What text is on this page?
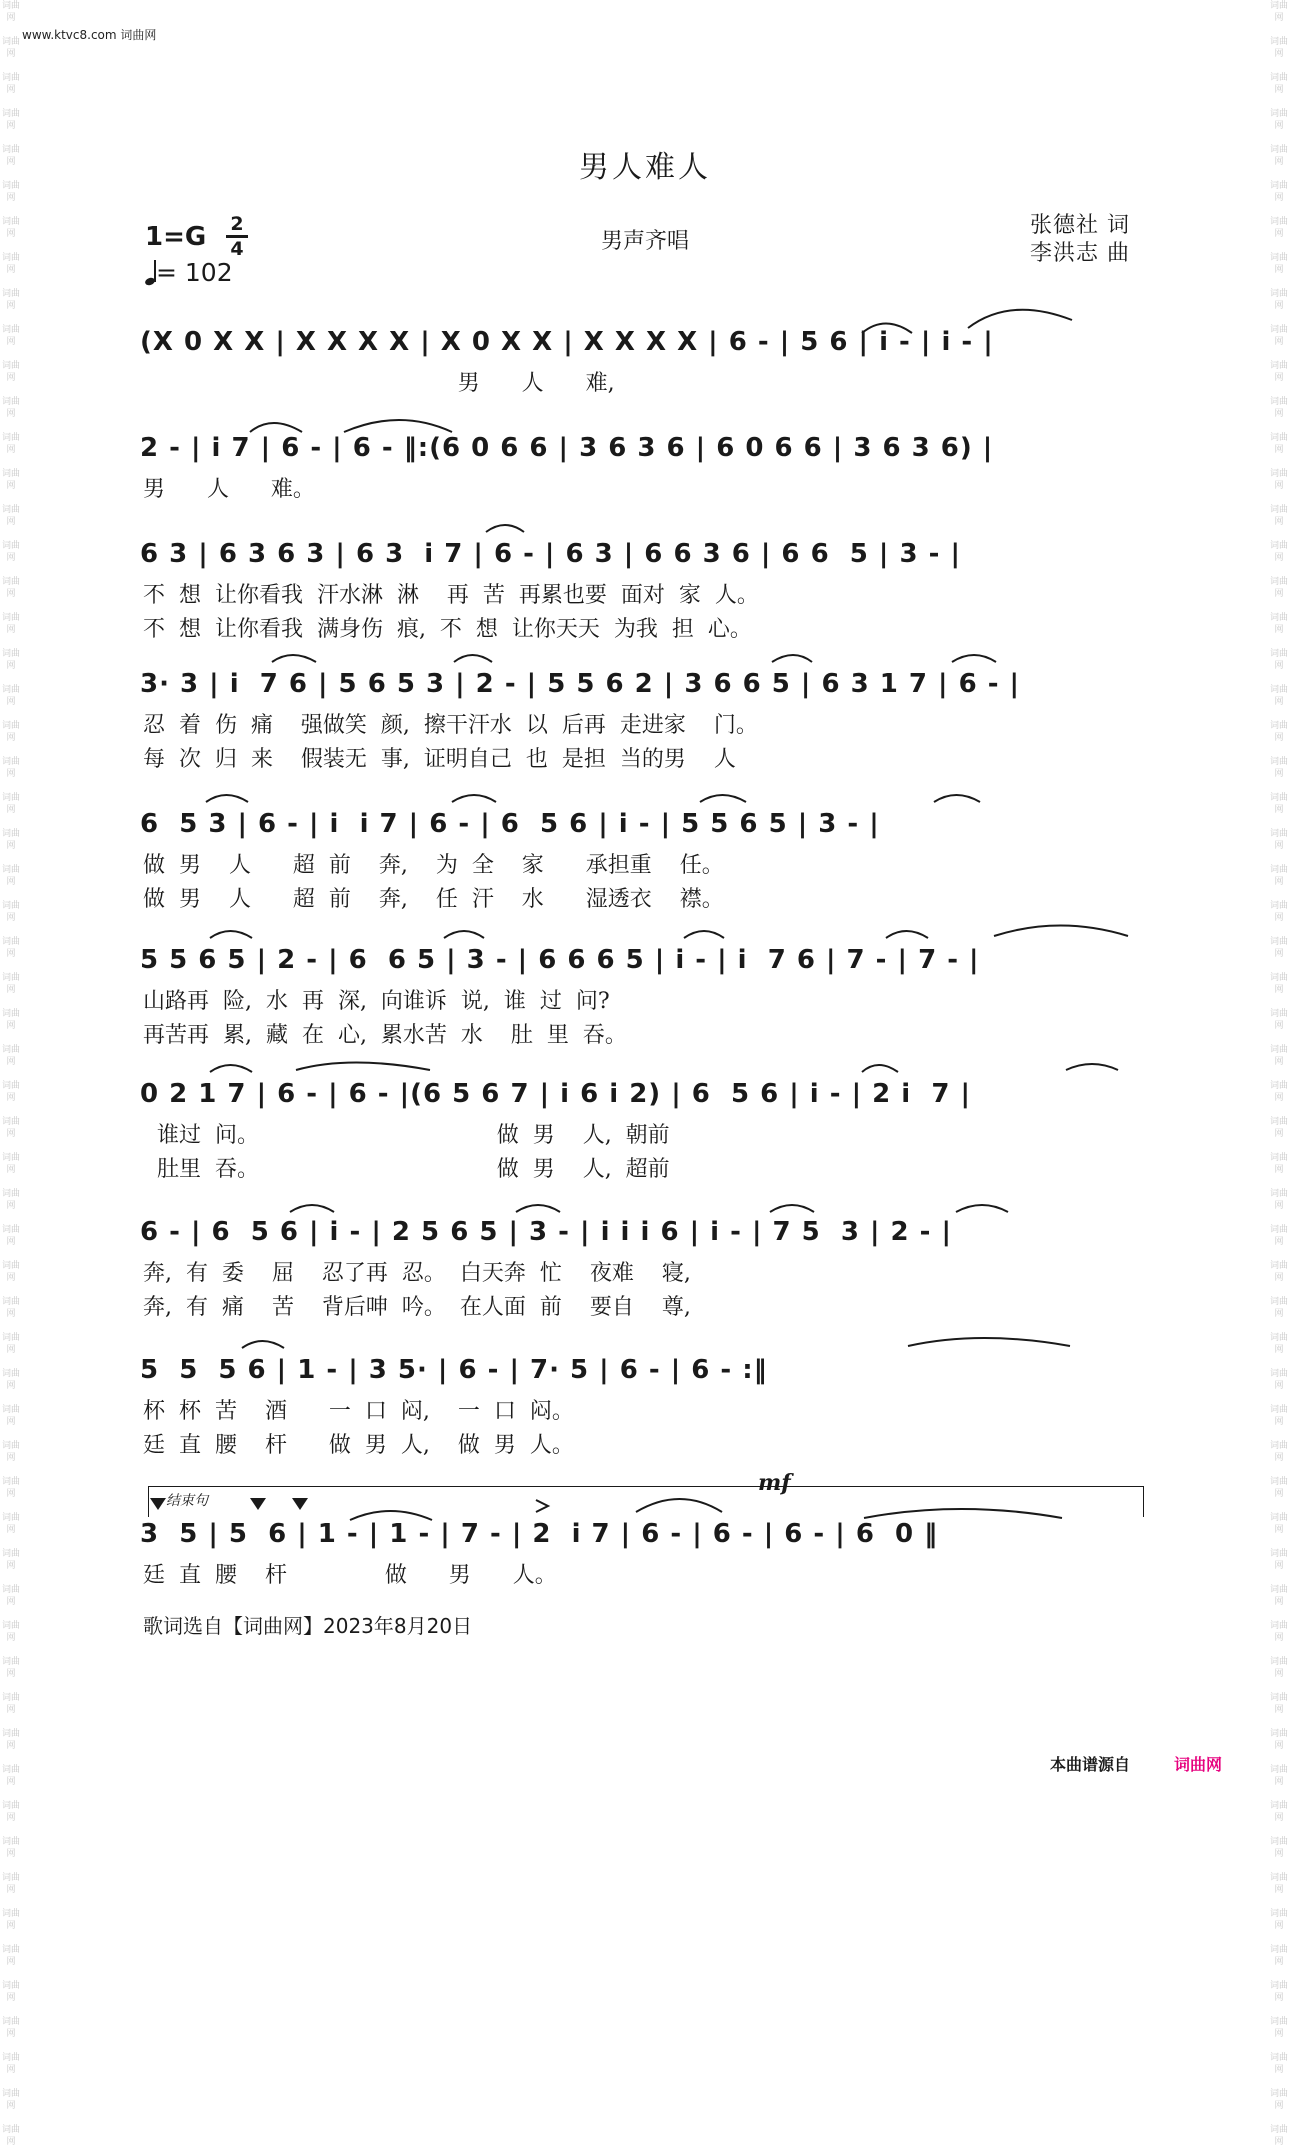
词曲网

词曲网

词曲网

词曲网

词曲网

词曲网

词曲网

词曲网

词曲网

词曲网

词曲网

词曲网

词曲网

词曲网

词曲网

词曲网

词曲网

词曲网

词曲网

词曲网

词曲网

词曲网

词曲网

词曲网

词曲网

词曲网

词曲网

词曲网

词曲网

词曲网

词曲网

词曲网

词曲网

词曲网

词曲网

词曲网

词曲网

词曲网

词曲网

词曲网

词曲网

词曲网

词曲网

词曲网

词曲网

词曲网

词曲网

词曲网

词曲网

词曲网

词曲网

词曲网

词曲网

词曲网

词曲网

词曲网

词曲网

词曲网

词曲网

词曲网

词曲网

词曲网

词曲网

词曲网

词曲网

词曲网

词曲网

词曲网

词曲网

词曲网

词曲网

词曲网

词曲网

词曲网

词曲网

词曲网

词曲网

词曲网

词曲网

词曲网

词曲网

词曲网

词曲网

词曲网

词曲网

词曲网

词曲网

词曲网

词曲网

词曲网

词曲网

词曲网

词曲网

词曲网

词曲网

词曲网

词曲网

词曲网

词曲网

词曲网

词曲网

词曲网

词曲网

词曲网

词曲网

词曲网

词曲网

词曲网

词曲网

词曲网

词曲网

词曲网

词曲网

词曲网

词曲网

词曲网

词曲网

词曲网

词曲网

词曲网

www.ktvc8.com 词曲网
男人难人
1=G 2
4
= 102
男声齐唱
张德社 词
李洪志 曲
(X 0 X X | X X X X | X 0 X X | X X X X | 6 - | 5 6 | i - | i - |
男      人      难,
2 - | i 7 | 6 - | 6 - ‖:(6 0 6 6 | 3 6 3 6 | 6 0 6 6 | 3 6 3 6) |
男      人      难。
6 3 | 6 3 6 3 | 6 3  i 7 | 6 - | 6 3 | 6 6 3 6 | 6 6  5 | 3 - |
不  想  让你看我  汗水淋  淋    再  苦  再累也要  面对  家  人。
不  想  让你看我  满身伤  痕,  不  想  让你天天  为我  担  心。
3· 3 | i  7 6 | 5 6 5 3 | 2 - | 5 5 6 2 | 3 6 6 5 | 6 3 1 7 | 6 - |
忍  着  伤  痛    强做笑  颜,  擦干汗水  以  后再  走进家    门。
每  次  归  来    假装无  事,  证明自己  也  是担  当的男    人
6  5 3 | 6 - | i  i 7 | 6 - | 6  5 6 | i - | 5 5 6 5 | 3 - |
做  男    人      超  前    奔,    为  全    家      承担重    任。
做  男    人      超  前    奔,    任  汗    水      湿透衣    襟。
5 5 6 5 | 2 - | 6  6 5 | 3 - | 6 6 6 5 | i - | i  7 6 | 7 - | 7 - |
山路再  险,  水  再  深,  向谁诉  说,  谁  过  问?
再苦再  累,  藏  在  心,  累水苦  水    肚  里  吞。
0 2 1 7 | 6 - | 6 - |(6 5 6 7 | i 6 i 2) | 6  5 6 | i - | 2 i  7 |
谁过  问。                                  做  男    人,  朝前
肚里  吞。                                  做  男    人,  超前
6 - | 6  5 6 | i - | 2 5 6 5 | 3 - | i i i 6 | i - | 7 5  3 | 2 - |
奔,  有  委    屈    忍了再  忍。  白天奔  忙    夜难    寝,
奔,  有  痛    苦    背后呻  吟。  在人面  前    要自    尊,
5  5  5 6 | 1 - | 3 5· | 6 - | 7· 5 | 6 - | 6 - :‖
杯  杯  苦    酒      一  口  闷,    一  口  闷。
廷  直  腰    杆      做  男  人,    做  男  人。
3  5 | 5  6 | 1 - | 1 - | 7 - | 2  i 7 | 6 - | 6 - | 6 - | 6  0 ‖
廷  直  腰    杆              做      男      人。
结束句
mf
歌词选自【词曲网】2023年8月20日
本曲谱源自	词曲网
